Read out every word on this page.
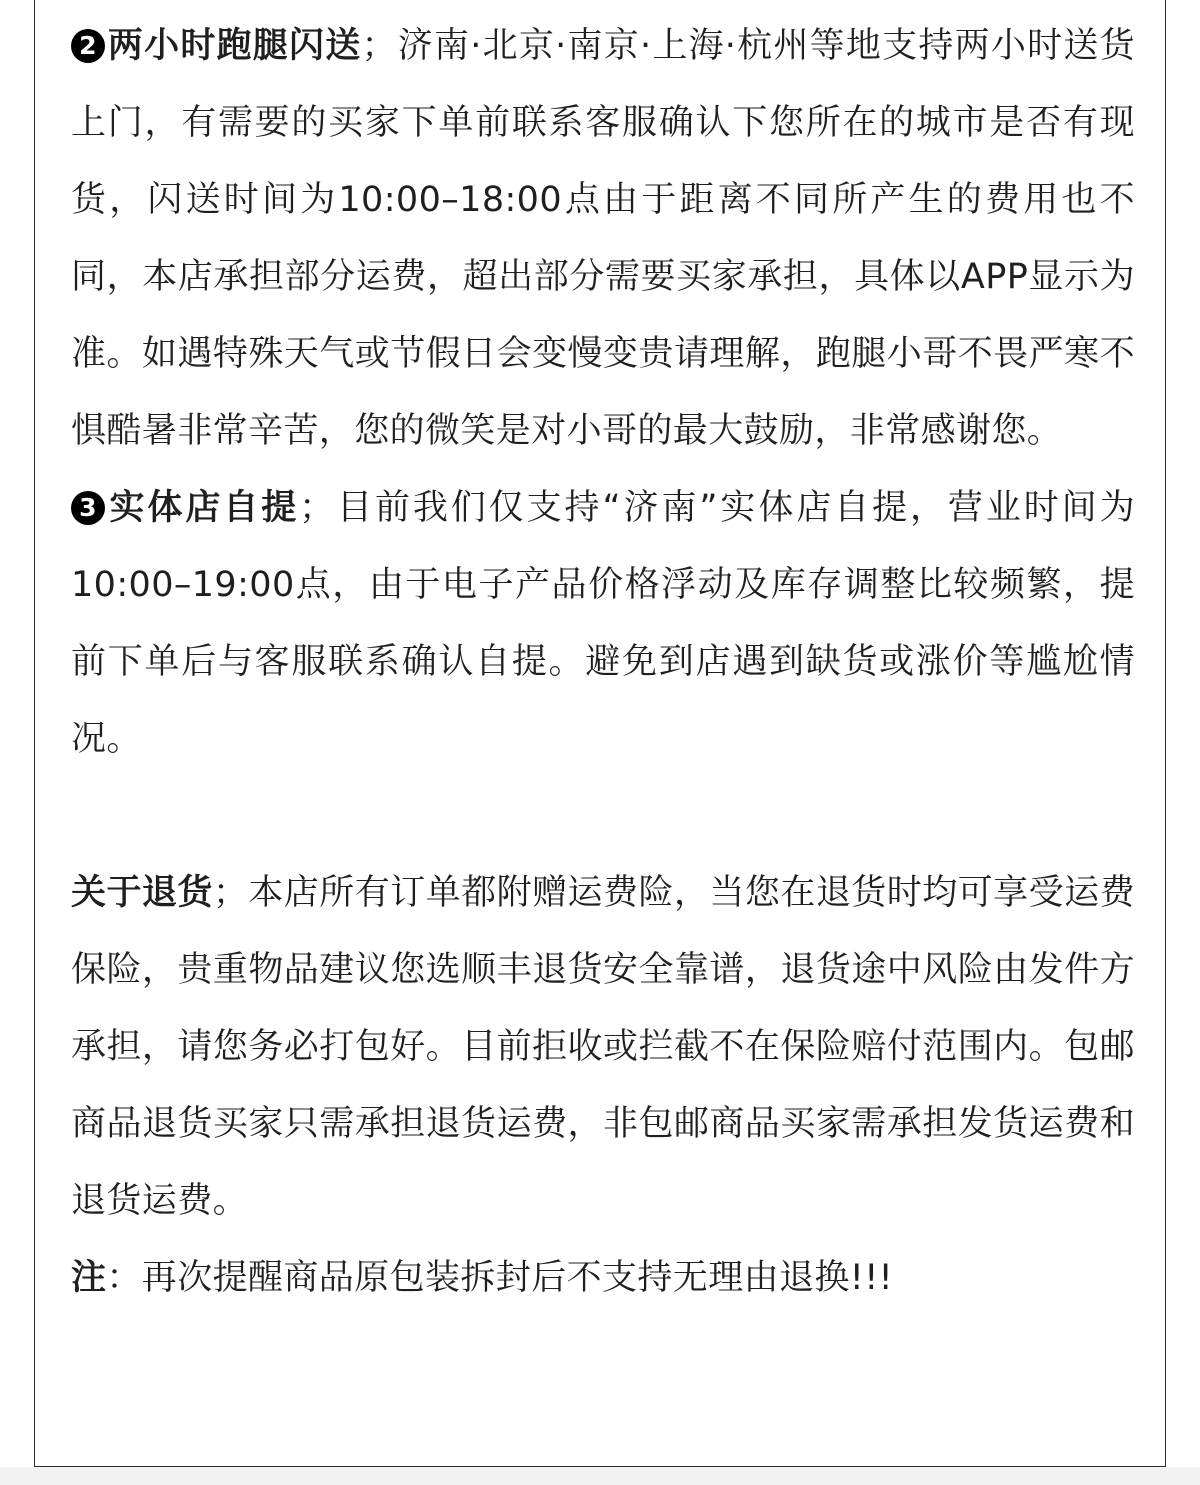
2 两小时跑腿闪送；济南·北京·南京·上海·杭州等地支持两小时送货上门，有需要的买家下单前联系客服确认下您所在的城市是否有现货，闪送时间为10:00–18:00点由于距离不同所产生的费用也不同，本店承担部分运费，超出部分需要买家承担，具体以APP显示为准。如遇特殊天气或节假日会变慢变贵请理解，跑腿小哥不畏严寒不惧酷暑非常辛苦，您的微笑是对小哥的最大鼓励，非常感谢您。

3 实体店自提；目前我们仅支持“济南”实体店自提，营业时间为10:00–19:00点，由于电子产品价格浮动及库存调整比较频繁，提前下单后与客服联系确认自提。避免到店遇到缺货或涨价等尴尬情况。

关于退货；本店所有订单都附赠运费险，当您在退货时均可享受运费保险，贵重物品建议您选顺丰退货安全靠谱，退货途中风险由发件方承担，请您务必打包好。目前拒收或拦截不在保险赔付范围内。包邮商品退货买家只需承担退货运费，非包邮商品买家需承担发货运费和退货运费。

注：再次提醒商品原包装拆封后不支持无理由退换!!!
